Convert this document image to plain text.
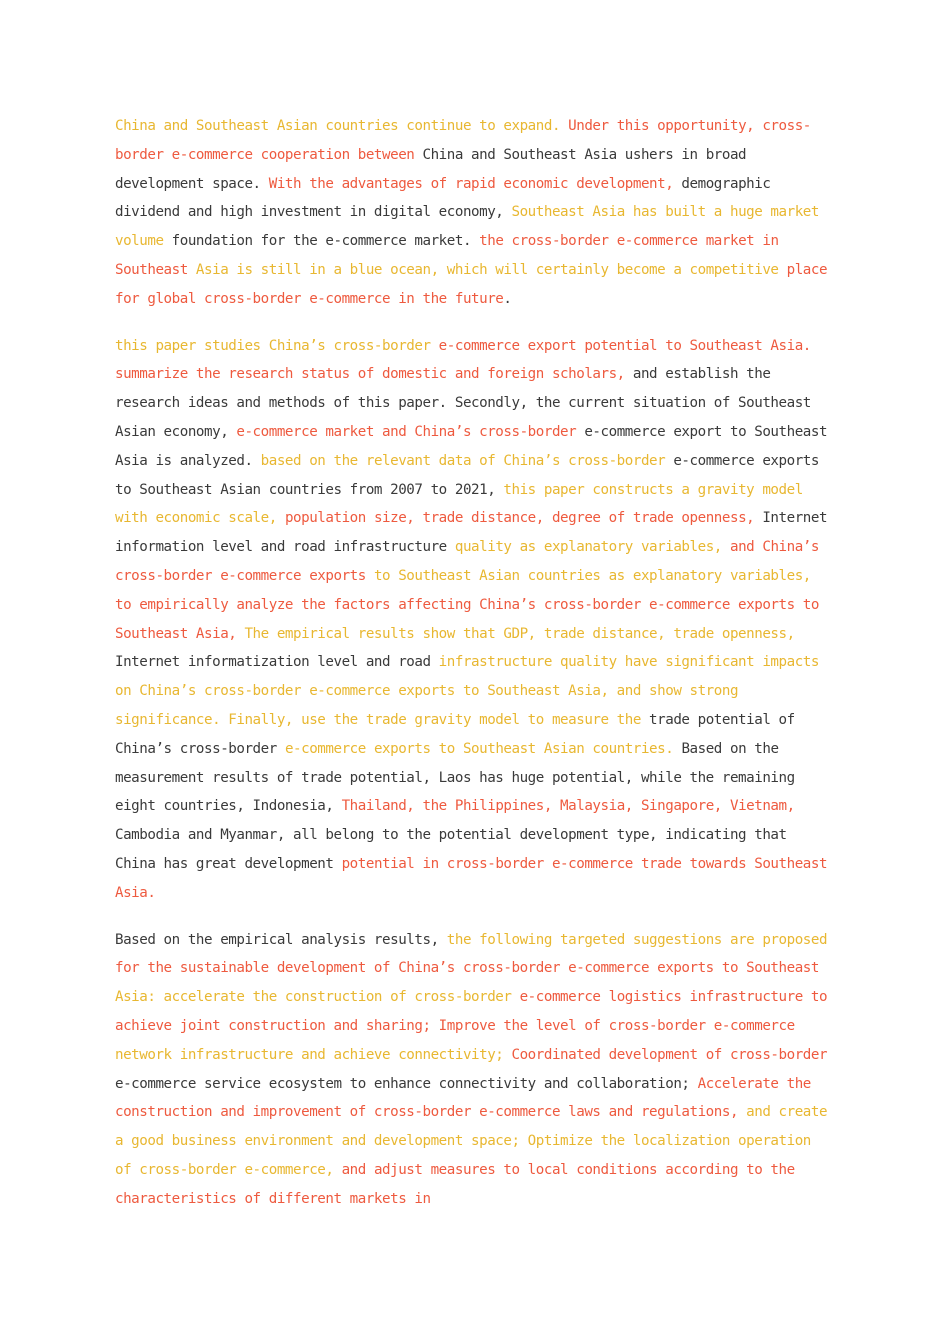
China and Southeast Asian countries continue to expand. Under this opportunity, cross-border e-commerce cooperation between China and Southeast Asia ushers in broad development space. With the advantages of rapid economic development, demographic dividend and high investment in digital economy, Southeast Asia has built a huge market volume foundation for the e-commerce market. the cross-border e-commerce market in Southeast Asia is still in a blue ocean, which will certainly become a competitive place for global cross-border e-commerce in the future.

this paper studies China’s cross-border e-commerce export potential to Southeast Asia. summarize the research status of domestic and foreign scholars, and establish the research ideas and methods of this paper. Secondly, the current situation of Southeast Asian economy, e-commerce market and China’s cross-border e-commerce export to Southeast Asia is analyzed. based on the relevant data of China’s cross-border e-commerce exports to Southeast Asian countries from 2007 to 2021, this paper constructs a gravity model with economic scale, population size, trade distance, degree of trade openness, Internet information level and road infrastructure quality as explanatory variables, and China’s cross-border e-commerce exports to Southeast Asian countries as explanatory variables, to empirically analyze the factors affecting China’s cross-border e-commerce exports to Southeast Asia, The empirical results show that GDP, trade distance, trade openness, Internet informatization level and road infrastructure quality have significant impacts on China’s cross-border e-commerce exports to Southeast Asia, and show strong significance. Finally, use the trade gravity model to measure the trade potential of China’s cross-border e-commerce exports to Southeast Asian countries. Based on the measurement results of trade potential, Laos has huge potential, while the remaining eight countries, Indonesia, Thailand, the Philippines, Malaysia, Singapore, Vietnam, Cambodia and Myanmar, all belong to the potential development type, indicating that China has great development potential in cross-border e-commerce trade towards Southeast Asia.

Based on the empirical analysis results, the following targeted suggestions are proposed for the sustainable development of China’s cross-border e-commerce exports to Southeast Asia: accelerate the construction of cross-border e-commerce logistics infrastructure to achieve joint construction and sharing; Improve the level of cross-border e-commerce network infrastructure and achieve connectivity; Coordinated development of cross-border e-commerce service ecosystem to enhance connectivity and collaboration; Accelerate the construction and improvement of cross-border e-commerce laws and regulations, and create a good business environment and development space; Optimize the localization operation of cross-border e-commerce, and adjust measures to local conditions according to the characteristics of different markets in
